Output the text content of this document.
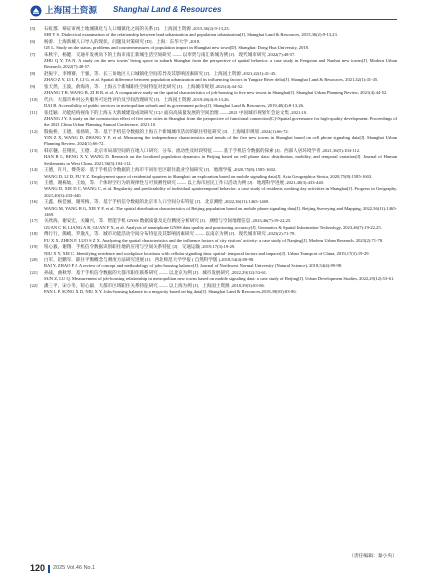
上海国土资源 Shanghai Land & Resources
[5] 石虹郡．辩证审视土地城镇化与人口城镇化之间的关系 [J]．上海国土资源 ,2015,36(2):9-13,23.
SHI Y S. Dialectical examination of the relationship between land urbanization and population urbanization[J]. Shanghai Land & Resources, 2015,36(2):9-13,23.
[6] 杨蕾．上海新城人口导入的现状、问题及对策研究 [D]．上海：东华大学 ,2018.
GE L. Study on the status, problems and countermeasures of population import in Shanghai new town[D]. Shanghai: Dong Hua University, 2018.
[7] 朱秋宇，杨健．交通开发视角下的上海市南汇新城生活空间研究 —— 以奉贤与南汇新城为例 [J]．现代城市研究 ,2022(7):48-57.
ZHU Q Y, TA N. A study on the new towns' living space in suburb Shanghai from the perspective of spatial behavior: a case study in Fengxian and Nanhui new towns[J]. Modern Urban Research, 2022(7):48-57.
[8] 赵振宇，李博赛，于强，等．长三角地区人口城镇化空间差异及其影响因素研究 [J]．上海国土资源 ,2021,42(1):41-45.
ZHAO Z Y, LI L F, LI G, et al. Spatial difference between population urbanization and its influencing factors in Yangtze River delta[J]. Shanghai Land & Resources, 2021,42(1):41-45.
[9] 张天然，王波，俞海涛，等．上海五个新城职住空间特征对比研究 [J]．上海城市规划 ,2021(4):44-52.
ZHANG T R, WANG B, ZI H B, et al. A comparative study on the spatial characteristics of job-housing in five new towns in Shanghai[J]. Shanghai Urban Planning Review, 2021(4):44-52.
[10] 代兵．大都市乡村公共服务可达性评价及空间治理研究 [J]．上海国土资源 ,2019,40(4):8-13,26.
DAI B. Accessibility of public services in metropolitan suburb and its government policy[J]. Shanghai Land & Resources, 2019,40(4):8-13,26.
[11] 张佳颖．功能结构视角下的上海五大新城建设成效研究 [C]// 面向高质量发展的空间治理 ——2021 中国城市规划年会论文集 ,2021:10.
ZHANG J Y. A study on the construction effect of five new cities in Shanghai from the perspective of functional connection[C]//Spatial governance for high-quality development: Proceedings of the 2021 China Urban Planning Annual Conference, 2021:10.
[12] 殷振桥，王德，张扬轶，等．基于手机信令数据的上海五个新城城市活动的职住特征研究 [J]．上海城市规划 ,2024(1):66-72.
YIN Z X, WANG D, ZHANG Y F, et al. Measuring the independence characteristics and trends of the five new towns in Shanghai based on cell phone signaling data[J]. Shanghai Urban Planning Review, 2024(1):66-72.
[13] 韩京穗，任翔民，王德．北京市局部空间的在地人口研究：分布、流动性及时段特征 —— 基于手机信令数据的探索 [J]．西部人居环境学刊 ,2021,36(5):104-112.
HAN B L, RENG X Y, WANG D. Research on the localized population dynamics in Beijing based on cell phone data: distribution, mobility, and temporal variation[J]. Journal of Human Settlements in West China, 2021,36(5):104-112.
[14] 王德，许月，傅英姿．基于手机信令数据的上海市不同住宅区职住就业空间研究 [J]．地理学报 ,2020,75(8):1585-1602.
WANG D, LI D, FU Y Z. Employment space of residential quarters in Shanghai: an exploration based on mobile signaling data[J]. Acta Geographica Sinica, 2020,75(8):1585-1602.
[15] 王德，谢栋灿，王灿，等．个体时空行为的规律性与可预测性研究 —— 以上海市居民工作日活动为例 [J]．地理科学进展 ,2021,40(3):433-440.
WANG D, XIE D C, WANG C, et al. Regularity and predictability of individual spatiotemporal behavior: a case study of residents working day activities in Shanghai[J]. Progress in Geography, 2021,40(3):433-440.
[16] 王鑫，杨佳丽，谢英梅，等．基于手机信令数据的北京市人口空间分布特征 [J]．北京测绘 ,2022,36(11):1465-1469.
WANG M, YANG B G, XIE Y F, et al. The spatial distribution characteristics of Beijing population based on mobile phone signaling data[J]. Beijing Surveying and Mapping, 2022,36(11):1465-1469.
[17] 关欣海，谢安宏，关镛兴，等．智能手机 GNSS 数据质量及定位精度分析研究 [J]．测绘与空间地理信息 ,2023,46(7):19-22,25.
GUAN C H, LIANG A B, GUAN F X, et al. Analysis of smartphone GNSS data quality and positioning accuracy[J]. Geomatics & Spatial Information Technology, 2023,46(7):19-22,25.
[18] 傅行行，熊峭，罗逸凡，等．城市功能活动空间分布特征及其影响因素研究 —— 以南京为例 [J]．现代城市研究 ,2023(2):71-78.
FU X X, ZHEN F, LUO S Z X. Analyzing the spatial characteristics and the influence factors of city visitors' activity: a case study of Nanjing[J]. Modern Urban Research, 2023(2):71-78.
[19] 钮心毅，谢翔．手机信令数据识别职住地的应用与空间关系特征 [J]．交通运输 ,2019,17(3):19-29.
NIU X Y, XIE C. Identifying residence and workplace locations with cellular signaling data: spatial- temporal factors and impacts[J]. Urban Transport of China, 2019,17(3):19-29.
[20] 白军，赵鹏军．职住平衡概念与测度方法研究进展 [J]．西北师范大学学报 ( 自然科学版 ),2018,54(4):89-98.
BAI Y, ZHAO P J. A review of concept and methodology of jobs-housing balance[J]. Journal of Northwest Normal University (Natural Science), 2018,54(4):89-98.
[21] 孙战，曲秋琴．基于手机信令数据的大都市职住联系研究 —— 以北京为例 [J]．城市发展研究 ,2022,29(12):53-61.
SUN Z, LU Q. Measurement of job-housing relationship in metropolitan new towns based on mobile signaling data: a case study of Beijing[J]. Urban Development Studies, 2022,29(12):53-61.
[22] 潘三平，宋小冬，钮心毅．大都市区域职住关系特征研究 —— 以上海为例 [J]．上海国土资源 ,2018,39(3):83-86.
PAN L P, SONG X D, NIU X Y. Jobs-housing balance in a megacity based on big data[J]. Shanghai Land & Resources,2018,39(03):83-86.
（责任编辑：秦小央）
120 2025 Vol.46 No.1
